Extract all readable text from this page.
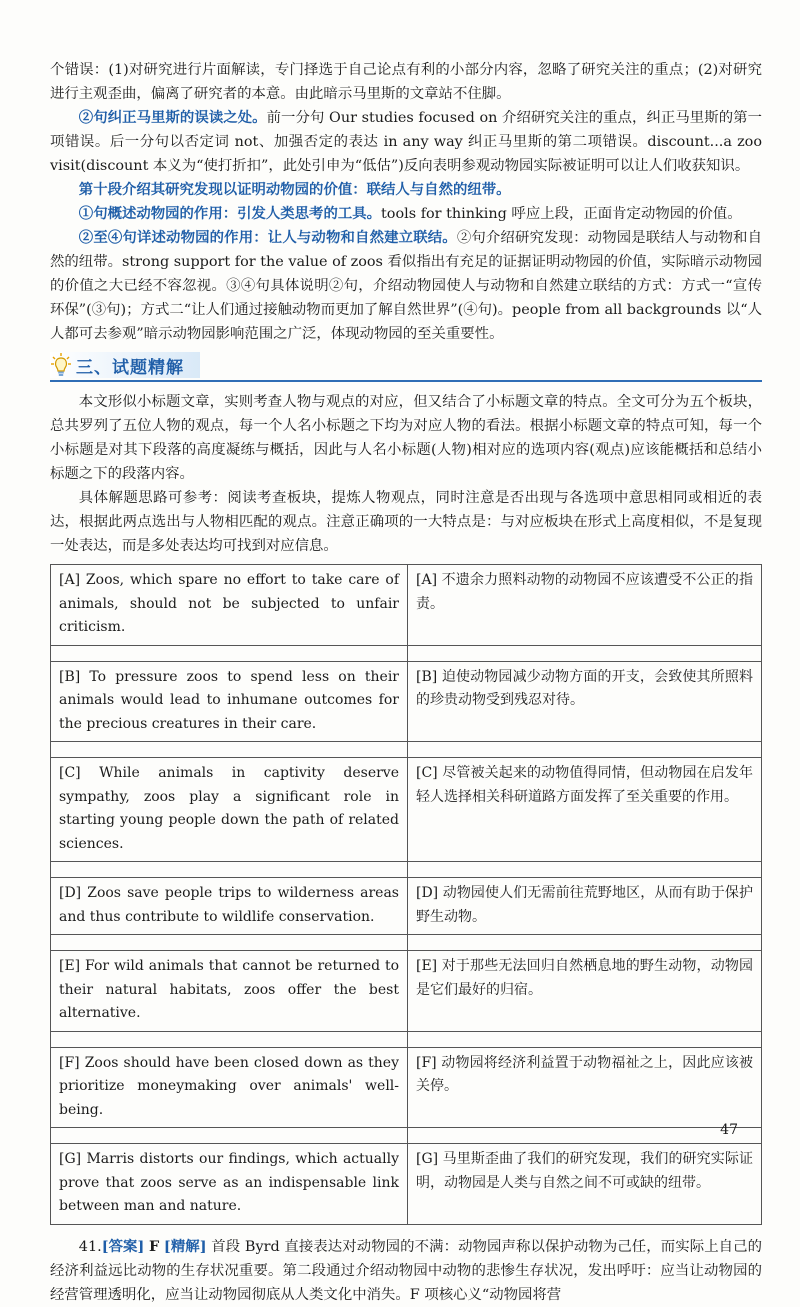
个错误：(1)对研究进行片面解读，专门择选于自己论点有利的小部分内容，忽略了研究关注的重点；(2)对研究进行主观歪曲，偏离了研究者的本意。由此暗示马里斯的文章站不住脚。

②句纠正马里斯的误读之处。前一分句 Our studies focused on 介绍研究关注的重点，纠正马里斯的第一项错误。后一分句以否定词 not、加强否定的表达 in any way 纠正马里斯的第二项错误。discount...a zoo visit(discount 本义为“使打折扣”，此处引申为“低估”)反向表明参观动物园实际被证明可以让人们收获知识。

第十段介绍其研究发现以证明动物园的价值：联结人与自然的纽带。

①句概述动物园的作用：引发人类思考的工具。tools for thinking 呼应上段，正面肯定动物园的价值。

②至④句详述动物园的作用：让人与动物和自然建立联结。②句介绍研究发现：动物园是联结人与动物和自然的纽带。strong support for the value of zoos 看似指出有充足的证据证明动物园的价值，实际暗示动物园的价值之大已经不容忽视。③④句具体说明②句，介绍动物园使人与动物和自然建立联结的方式：方式一“宣传环保”(③句)；方式二“让人们通过接触动物而更加了解自然世界”(④句)。people from all backgrounds 以“人人都可去参观”暗示动物园影响范围之广泛，体现动物园的至关重要性。

三、试题精解

本文形似小标题文章，实则考查人物与观点的对应，但又结合了小标题文章的特点。全文可分为五个板块，总共罗列了五位人物的观点，每一个人名小标题之下均为对应人物的看法。根据小标题文章的特点可知，每一个小标题是对其下段落的高度凝练与概括，因此与人名小标题(人物)相对应的选项内容(观点)应该能概括和总结小标题之下的段落内容。

具体解题思路可参考：阅读考查板块，提炼人物观点，同时注意是否出现与各选项中意思相同或相近的表达，根据此两点选出与人物相匹配的观点。注意正确项的一大特点是：与对应板块在形式上高度相似，不是复现一处表达，而是多处表达均可找到对应信息。

[A] Zoos, which spare no effort to take care of animals, should not be subjected to unfair criticism.	[A] 不遗余力照料动物的动物园不应该遭受不公正的指责。

[B] To pressure zoos to spend less on their animals would lead to inhumane outcomes for the precious creatures in their care.	[B] 迫使动物园减少动物方面的开支，会致使其所照料的珍贵动物受到残忍对待。

[C] While animals in captivity deserve sympathy, zoos play a significant role in starting young people down the path of related sciences.	[C] 尽管被关起来的动物值得同情，但动物园在启发年轻人选择相关科研道路方面发挥了至关重要的作用。

[D] Zoos save people trips to wilderness areas and thus contribute to wildlife conservation.	[D] 动物园使人们无需前往荒野地区，从而有助于保护野生动物。

[E] For wild animals that cannot be returned to their natural habitats, zoos offer the best alternative.	[E] 对于那些无法回归自然栖息地的野生动物，动物园是它们最好的归宿。

[F] Zoos should have been closed down as they prioritize moneymaking over animals' well-being.	[F] 动物园将经济利益置于动物福祉之上，因此应该被关停。

[G] Marris distorts our findings, which actually prove that zoos serve as an indispensable link between man and nature.	[G] 马里斯歪曲了我们的研究发现，我们的研究实际证明，动物园是人类与自然之间不可或缺的纽带。

41.[答案] F [精解] 首段 Byrd 直接表达对动物园的不满：动物园声称以保护动物为己任，而实际上自己的经济利益远比动物的生存状况重要。第二段通过介绍动物园中动物的悲惨生存状况，发出呼吁：应当让动物园的经营管理透明化，应当让动物园彻底从人类文化中消失。F 项核心义“动物园将营

47
